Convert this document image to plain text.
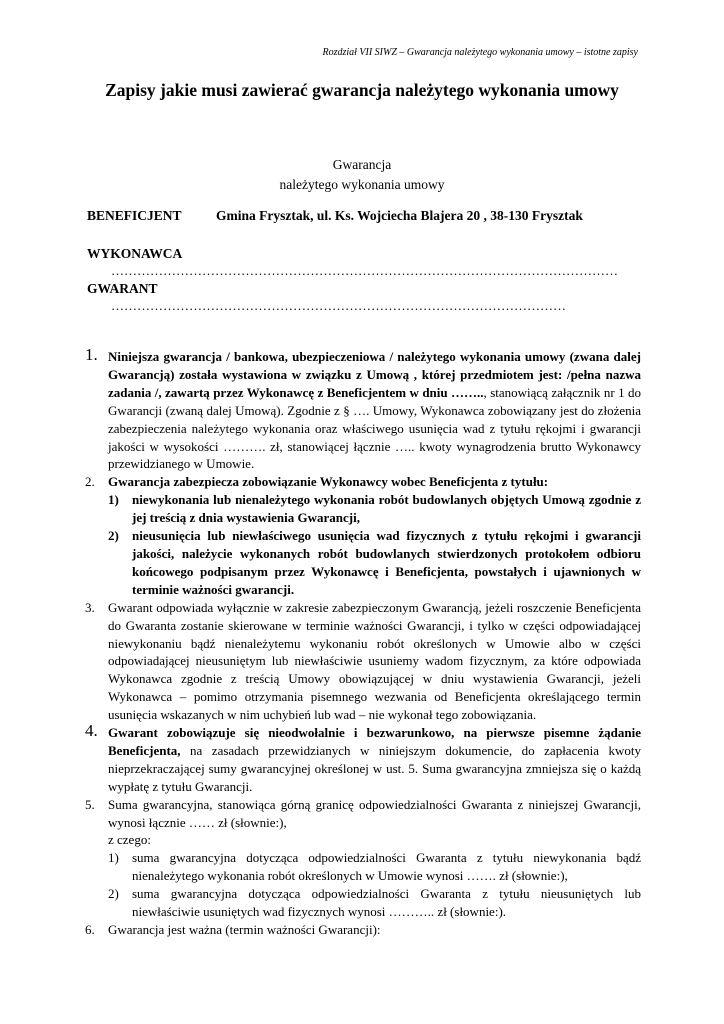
Rozdział VII SIWZ – Gwarancja należytego wykonania umowy – istotne zapisy
Zapisy jakie musi zawierać gwarancja należytego wykonania umowy
Gwarancja
należytego wykonania umowy
BENEFICJENT	Gmina Frysztak, ul. Ks. Wojciecha Blajera 20 , 38-130 Frysztak
WYKONAWCA
………………………………………………………………………………………………………
GWARANT
……………………………………………………………………………………………
1. Niniejsza gwarancja / bankowa, ubezpieczeniowa / należytego wykonania umowy (zwana dalej Gwarancją) została wystawiona w związku z Umową , której przedmiotem jest: /pełna nazwa zadania /, zawartą przez Wykonawcę z Beneficjentem w dniu …….., stanowiącą załącznik nr 1 do Gwarancji (zwaną dalej Umową). Zgodnie z § …. Umowy, Wykonawca zobowiązany jest do złożenia zabezpieczenia należytego wykonania oraz właściwego usunięcia wad z tytułu rękojmi i gwarancji jakości w wysokości ………. zł, stanowiącej łącznie ….. kwoty wynagrodzenia brutto Wykonawcy przewidzianego w Umowie.
2. Gwarancja zabezpiecza zobowiązanie Wykonawcy wobec Beneficjenta z tytułu:
1) niewykonania lub nienależytego wykonania robót budowlanych objętych Umową zgodnie z jej treścią z dnia wystawienia Gwarancji,
2) nieusunięcia lub niewłaściwego usunięcia wad fizycznych z tytułu rękojmi i gwarancji jakości, należycie wykonanych robót budowlanych stwierdzonych protokołem odbioru końcowego podpisanym przez Wykonawcę i Beneficjenta, powstałych i ujawnionych w terminie ważności gwarancji.
3. Gwarant odpowiada wyłącznie w zakresie zabezpieczonym Gwarancją, jeżeli roszczenie Beneficjenta do Gwaranta zostanie skierowane w terminie ważności Gwarancji, i tylko w części odpowiadającej niewykonaniu bądź nienależytemu wykonaniu robót określonych w Umowie albo w części odpowiadającej nieusuniętym lub niewłaściwie usuniemy wadom fizycznym, za które odpowiada Wykonawca zgodnie z treścią Umowy obowiązującej w dniu wystawienia Gwarancji, jeżeli Wykonawca – pomimo otrzymania pisemnego wezwania od Beneficjenta określającego termin usunięcia wskazanych w nim uchybień lub wad – nie wykonał tego zobowiązania.
4. Gwarant zobowiązuje się nieodwołalnie i bezwarunkowo, na pierwsze pisemne żądanie Beneficjenta, na zasadach przewidzianych w niniejszym dokumencie, do zapłacenia kwoty nieprzekraczającej sumy gwarancyjnej określonej w ust. 5. Suma gwarancyjna zmniejsza się o każdą wypłatę z tytułu Gwarancji.
5. Suma gwarancyjna, stanowiąca górną granicę odpowiedzialności Gwaranta z niniejszej Gwarancji, wynosi łącznie …… zł (słownie:),
z czego:
1) suma gwarancyjna dotycząca odpowiedzialności Gwaranta z tytułu niewykonania bądź nienależytego wykonania robót określonych w Umowie wynosi ……. zł (słownie:),
2) suma gwarancyjna dotycząca odpowiedzialności Gwaranta z tytułu nieusuniętych lub niewłaściwie usuniętych wad fizycznych wynosi ……….. zł (słownie:).
6. Gwarancja jest ważna (termin ważności Gwarancji):
